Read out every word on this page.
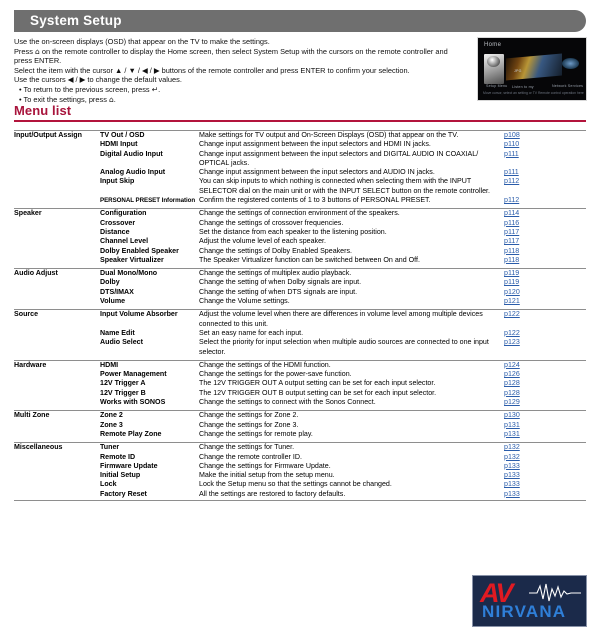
System Setup

Use the on-screen displays (OSD) that appear on the TV to make the settings.

Press ⌂ on the remote controller to display the Home screen, then select System Setup with the cursors on the remote controller and press ENTER.

Select the item with the cursor ▲ / ▼ / ◀ / ▶ buttons of the remote controller and press ENTER to confirm your selection.

Use the cursors ◀ / ▶ to change the default values.

• To return to the previous screen, press ↵.

• To exit the settings, press ⌂.

Home
Setup Menu Listen to my	Network Services
JPG
Move cursor, select an setting or TV Remote control operation here
Menu list
Input/Output Assign	TV Out / OSD	Make settings for TV output and On-Screen Displays (OSD) that appear on the TV.	p108
	HDMI Input	Change input assignment between the input selectors and HDMI IN jacks.	p110
	Digital Audio Input	Change input assignment between the input selectors and DIGITAL AUDIO IN COAXIAL/ OPTICAL jacks.	p111
	Analog Audio Input	Change input assignment between the input selectors and AUDIO IN jacks.	p111
	Input Skip	You can skip inputs to which nothing is connected when selecting them with the INPUT SELECTOR dial on the main unit or with the INPUT SELECT button on the remote controller.	p112
	PERSONAL PRESET Information	Confirm the registered contents of 1 to 3 buttons of PERSONAL PRESET.	p112

Speaker	Configuration	Change the settings of connection environment of the speakers.	p114
	Crossover	Change the settings of crossover frequencies.	p116
	Distance	Set the distance from each speaker to the listening position.	p117
	Channel Level	Adjust the volume level of each speaker.	p117
	Dolby Enabled Speaker	Change the settings of Dolby Enabled Speakers.	p118
	Speaker Virtualizer	The Speaker Virtualizer function can be switched between On and Off.	p118

Audio Adjust	Dual Mono/Mono	Change the settings of multiplex audio playback.	p119
	Dolby	Change the setting of when Dolby signals are input.	p119
	DTS/IMAX	Change the setting of when DTS signals are input.	p120
	Volume	Change the Volume settings.	p121

Source	Input Volume Absorber	Adjust the volume level when there are differences in volume level among multiple devices connected to this unit.	p122
	Name Edit	Set an easy name for each input.	p122
	Audio Select	Select the priority for input selection when multiple audio sources are connected to one input selector.	p123

Hardware	HDMI	Change the settings of the HDMI function.	p124
	Power Management	Change the settings for the power-save function.	p126
	12V Trigger A	The 12V TRIGGER OUT A output setting can be set for each input selector.	p128
	12V Trigger B	The 12V TRIGGER OUT B output setting can be set for each input selector.	p128
	Works with SONOS	Change the settings to connect with the Sonos Connect.	p129

Multi Zone	Zone 2	Change the settings for Zone 2.	p130
	Zone 3	Change the settings for Zone 3.	p131
	Remote Play Zone	Change the settings for remote play.	p131

Miscellaneous	Tuner	Change the settings for Tuner.	p132
	Remote ID	Change the remote controller ID.	p132
	Firmware Update	Change the settings for Firmware Update.	p133
	Initial Setup	Make the initial setup from the setup menu.	p133
	Lock	Lock the Setup menu so that the settings cannot be changed.	p133
	Factory Reset	All the settings are restored to factory defaults.	p133

AV
NIRVANA
